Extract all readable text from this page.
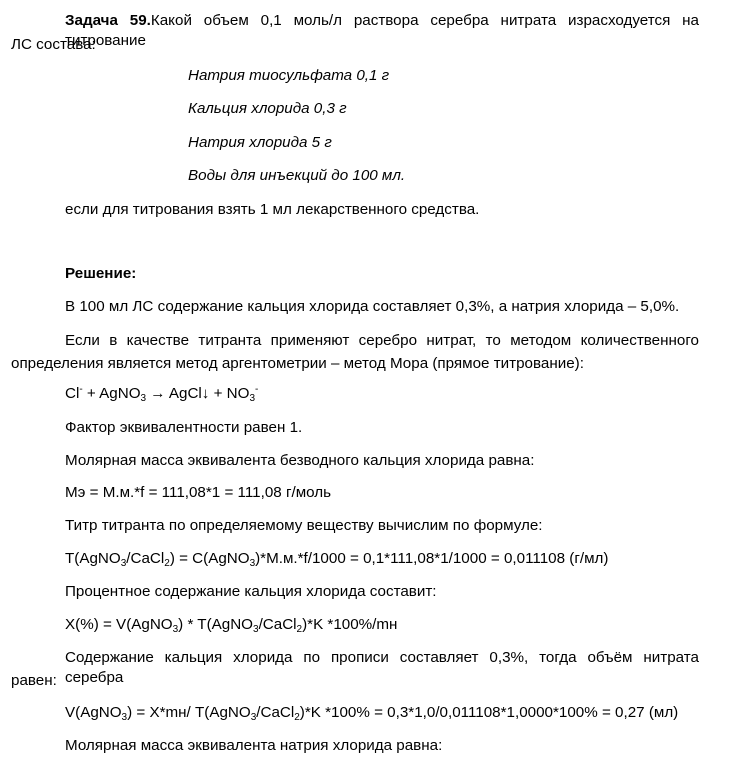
Задача 59.Какой объем 0,1 моль/л раствора серебра нитрата израсходуется на титрование
ЛС состава:
Натрия тиосульфата 0,1 г
Кальция хлорида 0,3 г
Натрия хлорида 5 г
Воды для инъекций до 100 мл.
если для титрования взять 1 мл лекарственного средства.
Решение:
В 100 мл ЛС содержание кальция хлорида составляет 0,3%, а натрия хлорида – 5,0%.
Если в качестве титранта применяют серебро нитрат, то методом количественного
определения является метод аргентометрии – метод Мора (прямое титрование):
Cl- + AgNO$_3$ → AgCl↓ + $NO_3^-$
Фактор эквивалентности равен 1.
Молярная масса эквивалента безводного кальция хлорида равна:
Mэ = М.м.*f = 111,08*1 = 111,08 г/моль
Титр титранта по определяемому веществу вычислим по формуле:
T(AgNO$_3$/CaCl$_2$) = C(AgNO$_3$)*М.м.*f/1000 = 0,1*111,08*1/1000 = 0,011108 (г/мл)
Процентное содержание кальция хлорида составит:
X(%) = V(AgNO$_3$) * T(AgNO$_3$/CaCl$_2$)*K *100%/mн
Содержание кальция хлорида по прописи составляет 0,3%, тогда объём нитрата серебра
равен:
V(AgNO$_3$) = X*mн/ T(AgNO$_3$/CaCl$_2$)*K *100% = 0,3*1,0/0,011108*1,0000*100% = 0,27 (мл)
Молярная масса эквивалента натрия хлорида равна:
